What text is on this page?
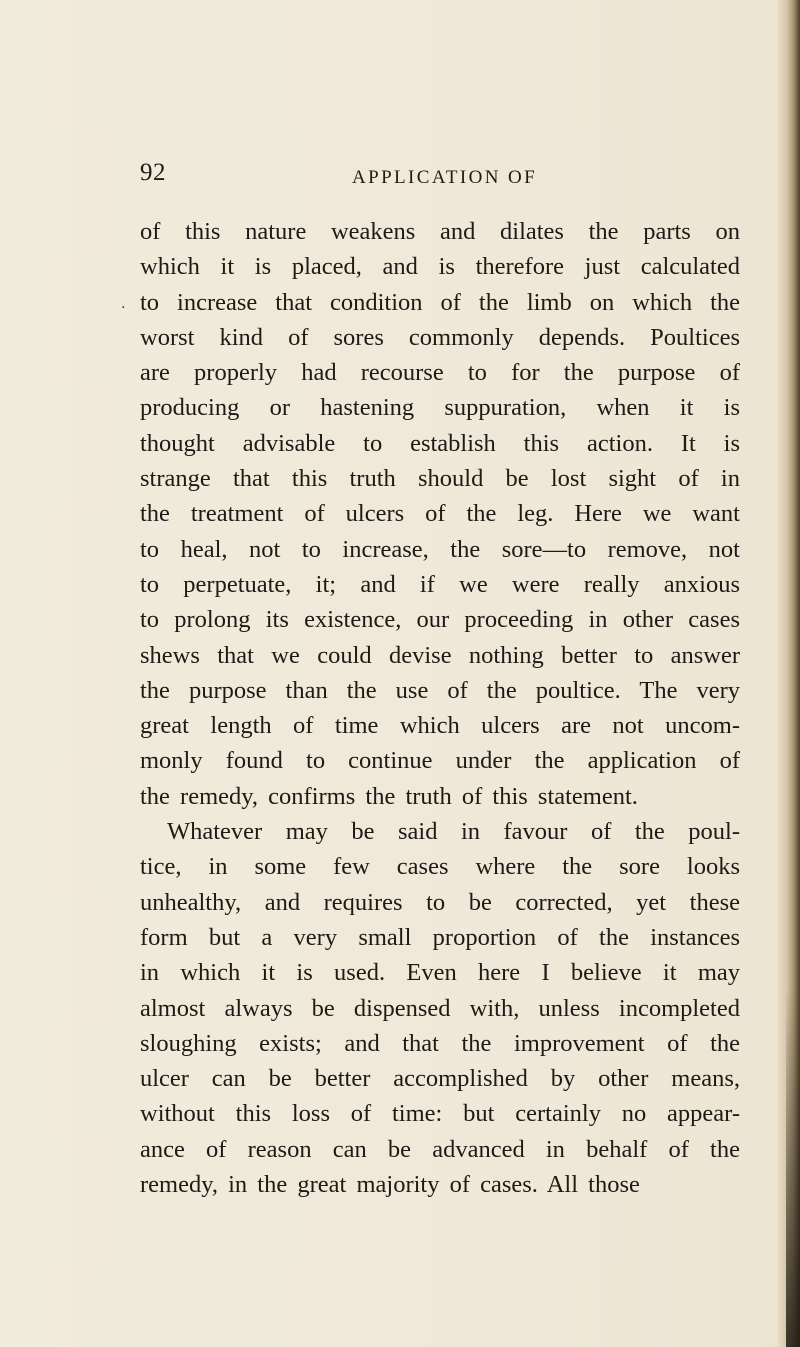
92	APPLICATION OF
.
of this nature weakens and dilates the parts on
which it is placed, and is therefore just calculated
to increase that condition of the limb on which the
worst kind of sores commonly depends. Poultices
are properly had recourse to for the purpose of
producing or hastening suppuration, when it is
thought advisable to establish this action. It is
strange that this truth should be lost sight of in
the treatment of ulcers of the leg. Here we want
to heal, not to increase, the sore—to remove, not
to perpetuate, it; and if we were really anxious
to prolong its existence, our proceeding in other cases
shews that we could devise nothing better to answer
the purpose than the use of the poultice. The very
great length of time which ulcers are not uncom-
monly found to continue under the application of
the remedy, confirms the truth of this statement.
Whatever may be said in favour of the poul-
tice, in some few cases where the sore looks
unhealthy, and requires to be corrected, yet these
form but a very small proportion of the instances
in which it is used. Even here I believe it may
almost always be dispensed with, unless incompleted
sloughing exists; and that the improvement of the
ulcer can be better accomplished by other means,
without this loss of time: but certainly no appear-
ance of reason can be advanced in behalf of the
remedy, in the great majority of cases. All those
